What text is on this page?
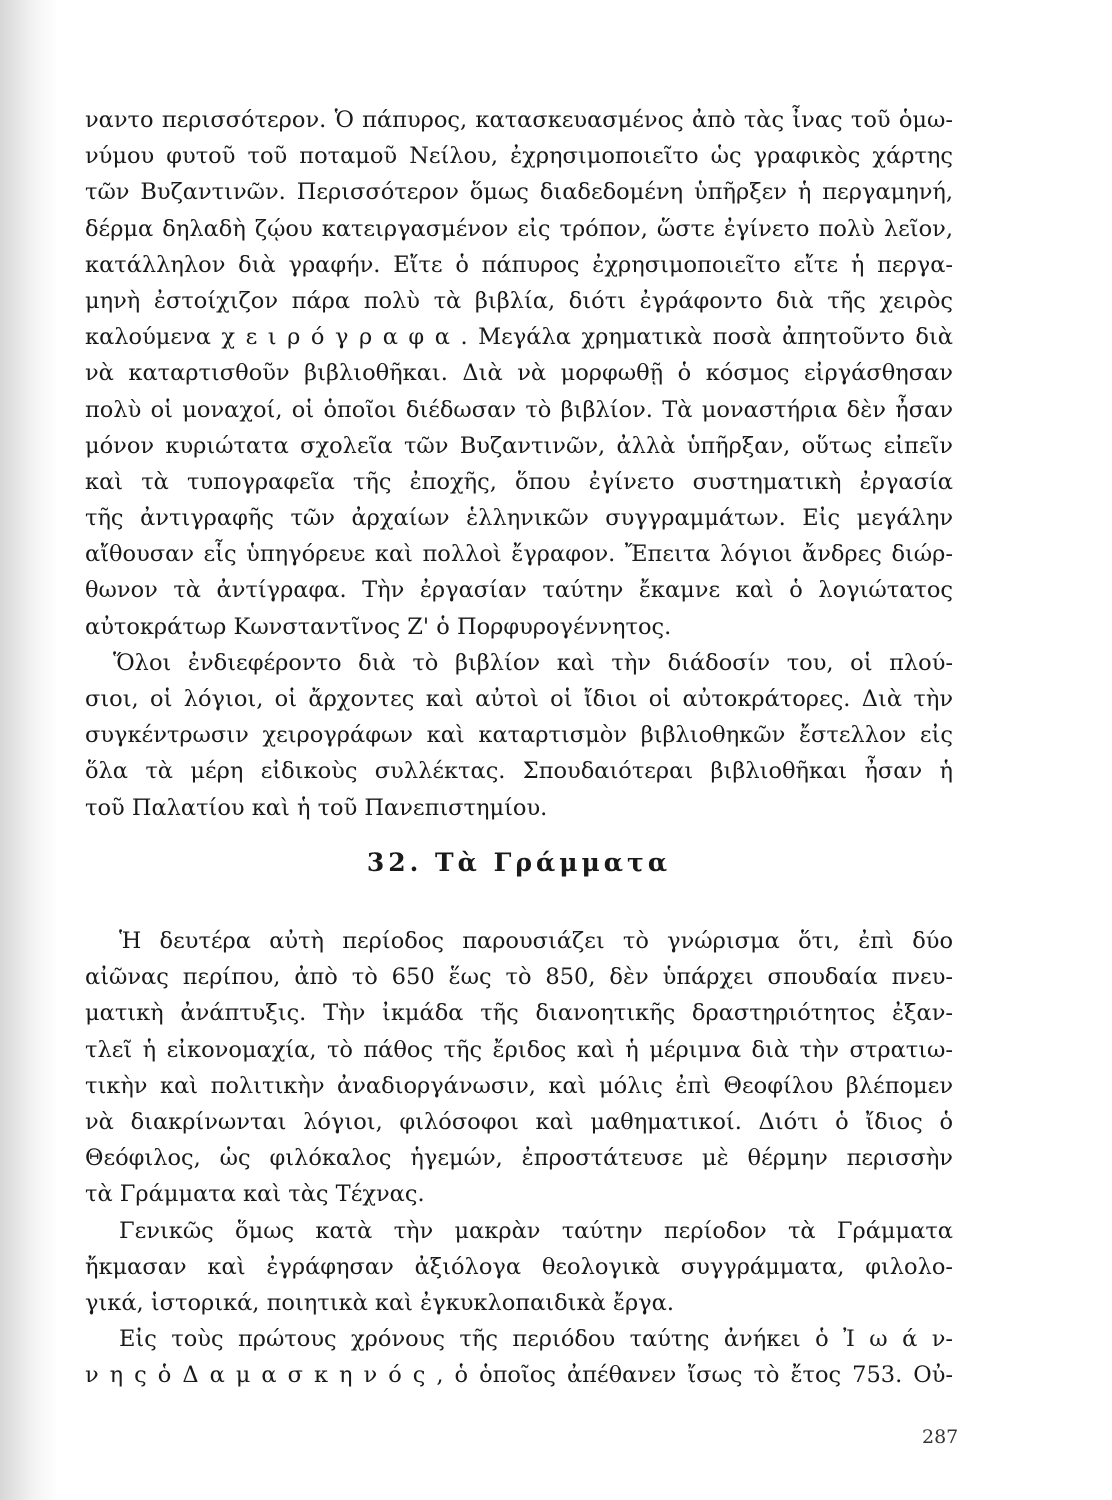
ναντο περισσότερον. Ὁ πάπυρος, κατασκευασμένος ἀπὸ τὰς ἶνας τοῦ ὁμω-
νύμου φυτοῦ τοῦ ποταμοῦ Νείλου, ἐχρησιμοποιεῖτο ὡς γραφικὸς χάρτης
τῶν Βυζαντινῶν. Περισσότερον ὅμως διαδεδομένη ὑπῆρξεν ἡ περγαμηνή,
δέρμα δηλαδὴ ζῴου κατειργασμένον εἰς τρόπον, ὥστε ἐγίνετο πολὺ λεῖον,
κατάλληλον διὰ γραφήν. Εἴτε ὁ πάπυρος ἐχρησιμοποιεῖτο εἴτε ἡ περγα-
μηνὴ ἐστοίχιζον πάρα πολὺ τὰ βιβλία, διότι ἐγράφοντο διὰ τῆς χειρὸς
καλούμενα χ ε ι ρ ό γ ρ α φ α . Μεγάλα χρηματικὰ ποσὰ ἀπητοῦντο διὰ
νὰ καταρτισθοῦν βιβλιοθῆκαι. Διὰ νὰ μορφωθῇ ὁ κόσμος εἰργάσθησαν
πολὺ οἱ μοναχοί, οἱ ὁποῖοι διέδωσαν τὸ βιβλίον. Τὰ μοναστήρια δὲν ἦσαν
μόνον κυριώτατα σχολεῖα τῶν Βυζαντινῶν, ἀλλὰ ὑπῆρξαν, οὕτως εἰπεῖν
καὶ τὰ τυπογραφεῖα τῆς ἐποχῆς, ὅπου ἐγίνετο συστηματικὴ ἐργασία
τῆς ἀντιγραφῆς τῶν ἀρχαίων ἑλληνικῶν συγγραμμάτων. Εἰς μεγάλην
αἴθουσαν εἷς ὑπηγόρευε καὶ πολλοὶ ἔγραφον. Ἔπειτα λόγιοι ἄνδρες διώρ-
θωνον τὰ ἀντίγραφα. Τὴν ἐργασίαν ταύτην ἔκαμνε καὶ ὁ λογιώτατος
αὐτοκράτωρ Κωνσταντῖνος Ζ' ὁ Πορφυρογέννητος.
Ὅλοι ἐνδιεφέροντο διὰ τὸ βιβλίον καὶ τὴν διάδοσίν του, οἱ πλού-
σιοι, οἱ λόγιοι, οἱ ἄρχοντες καὶ αὐτοὶ οἱ ἴδιοι οἱ αὐτοκράτορες. Διὰ τὴν
συγκέντρωσιν χειρογράφων καὶ καταρτισμὸν βιβλιοθηκῶν ἔστελλον εἰς
ὅλα τὰ μέρη εἰδικοὺς συλλέκτας. Σπουδαιότεραι βιβλιοθῆκαι ἦσαν ἡ
τοῦ Παλατίου καὶ ἡ τοῦ Πανεπιστημίου.
32. Τὰ Γράμματα
Ἡ δευτέρα αὐτὴ περίοδος παρουσιάζει τὸ γνώρισμα ὅτι, ἐπὶ δύο
αἰῶνας περίπου, ἀπὸ τὸ 650 ἕως τὸ 850, δὲν ὑπάρχει σπουδαία πνευ-
ματικὴ ἀνάπτυξις. Τὴν ἰκμάδα τῆς διανοητικῆς δραστηριότητος ἐξαν-
τλεῖ ἡ εἰκονομαχία, τὸ πάθος τῆς ἔριδος καὶ ἡ μέριμνα διὰ τὴν στρατιω-
τικὴν καὶ πολιτικὴν ἀναδιοργάνωσιν, καὶ μόλις ἐπὶ Θεοφίλου βλέπομεν
νὰ διακρίνωνται λόγιοι, φιλόσοφοι καὶ μαθηματικοί. Διότι ὁ ἴδιος ὁ
Θεόφιλος, ὡς φιλόκαλος ἡγεμών, ἐπροστάτευσε μὲ θέρμην περισσὴν
τὰ Γράμματα καὶ τὰς Τέχνας.
Γενικῶς ὅμως κατὰ τὴν μακρὰν ταύτην περίοδον τὰ Γράμματα
ἤκμασαν καὶ ἐγράφησαν ἀξιόλογα θεολογικὰ συγγράμματα, φιλολο-
γικά, ἱστορικά, ποιητικὰ καὶ ἐγκυκλοπαιδικὰ ἔργα.
Εἰς τοὺς πρώτους χρόνους τῆς περιόδου ταύτης ἀνήκει ὁ Ἰ ω ά ν-
ν η ς ὁ Δ α μ α σ κ η ν ό ς , ὁ ὁποῖος ἀπέθανεν ἴσως τὸ ἔτος 753. Οὐ-
287
